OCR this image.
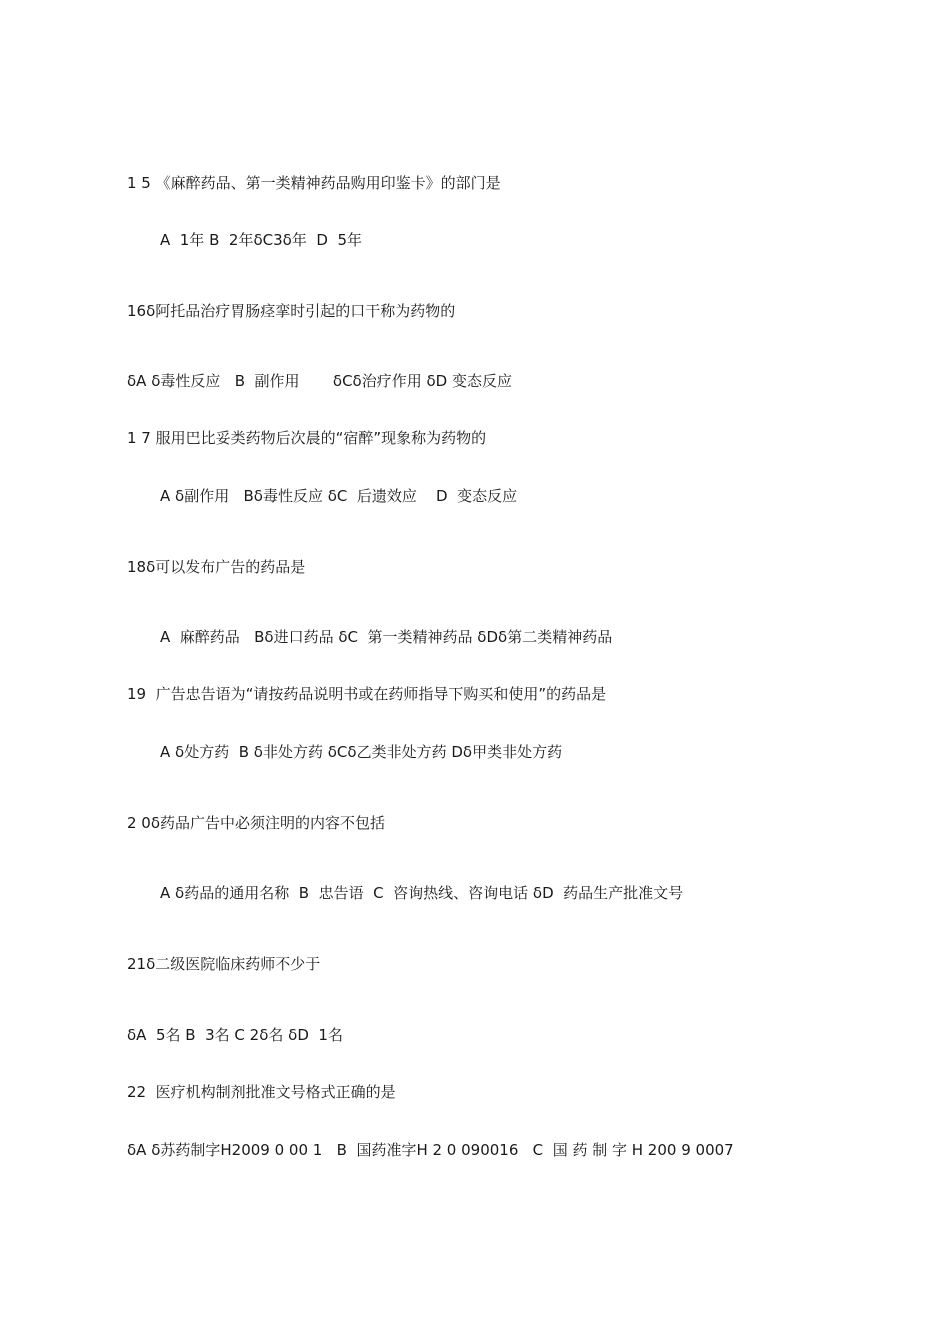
1 5 《麻醉药品、第一类精神药品购用印鉴卡》的部门是
A  1年 B  2年δC3δ年  D  5年
16δ阿托品治疗胃肠痉挛时引起的口干称为药物的
δA δ毒性反应   B  副作用       δCδ治疗作用 δD 变态反应
1 7 服用巴比妥类药物后次晨的“宿醉”现象称为药物的
A δ副作用   Bδ毒性反应 δC  后遗效应    D  变态反应
18δ可以发布广告的药品是
A  麻醉药品   Bδ进口药品 δC  第一类精神药品 δDδ第二类精神药品
19  广告忠告语为“请按药品说明书或在药师指导下购买和使用”的药品是
A δ处方药  B δ非处方药 δCδ乙类非处方药 Dδ甲类非处方药
2 0δ药品广告中必须注明的内容不包括
A δ药品的通用名称  B  忠告语  C  咨询热线、咨询电话 δD  药品生产批准文号
21δ二级医院临床药师不少于
δA  5名 B  3名 C 2δ名 δD  1名
22  医疗机构制剂批准文号格式正确的是
δA δ苏药制字H2009 0 00 1   B  国药准字H 2 0 090016   C  国 药 制 字 H 200 9 0007
